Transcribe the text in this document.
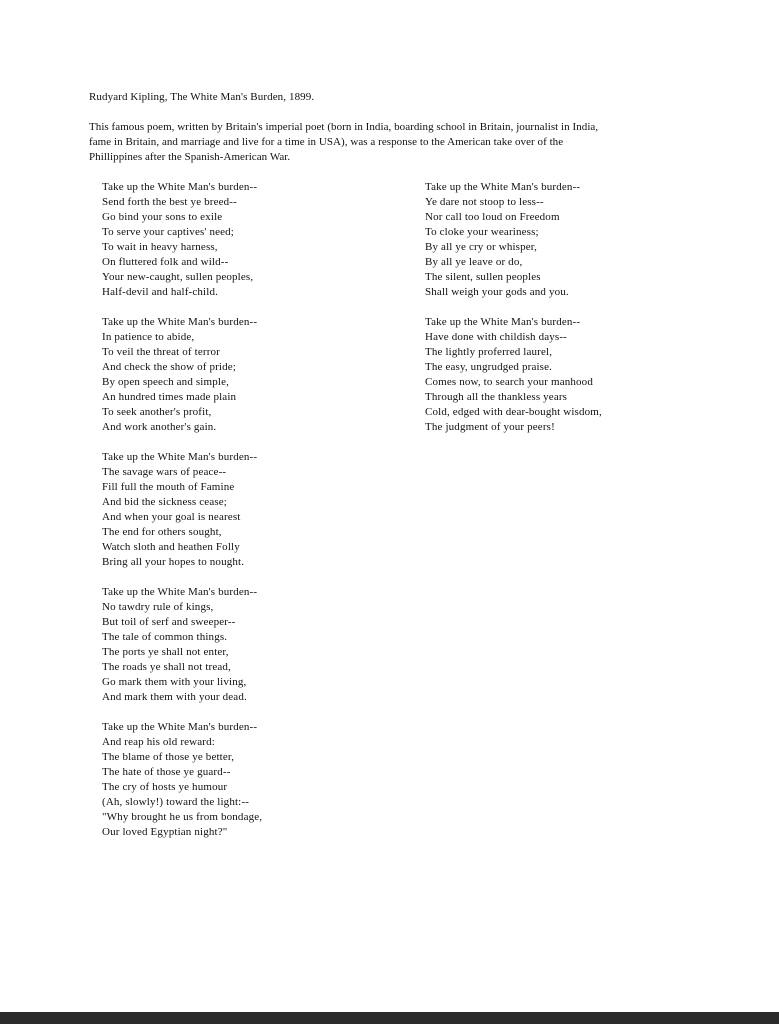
Rudyard Kipling, The White Man's Burden, 1899.
This famous poem, written by Britain's imperial poet (born in India, boarding school in Britain, journalist in India,
fame in Britain, and marriage and live for a time in USA), was a response to the American take over of the
Phillippines after the Spanish-American War.
Take up the White Man's burden--
Send forth the best ye breed--
Go bind your sons to exile
To serve your captives' need;
To wait in heavy harness,
On fluttered folk and wild--
Your new-caught, sullen peoples,
Half-devil and half-child.
Take up the White Man's burden--
In patience to abide,
To veil the threat of terror
And check the show of pride;
By open speech and simple,
An hundred times made plain
To seek another's profit,
And work another's gain.
Take up the White Man's burden--
The savage wars of peace--
Fill full the mouth of Famine
And bid the sickness cease;
And when your goal is nearest
The end for others sought,
Watch sloth and heathen Folly
Bring all your hopes to nought.
Take up the White Man's burden--
No tawdry rule of kings,
But toil of serf and sweeper--
The tale of common things.
The ports ye shall not enter,
The roads ye shall not tread,
Go mark them with your living,
And mark them with your dead.
Take up the White Man's burden--
And reap his old reward:
The blame of those ye better,
The hate of those ye guard--
The cry of hosts ye humour
(Ah, slowly!) toward the light:--
"Why brought he us from bondage,
Our loved Egyptian night?"
Take up the White Man's burden--
Ye dare not stoop to less--
Nor call too loud on Freedom
To cloke your weariness;
By all ye cry or whisper,
By all ye leave or do,
The silent, sullen peoples
Shall weigh your gods and you.
Take up the White Man's burden--
Have done with childish days--
The lightly proferred laurel,
The easy, ungrudged praise.
Comes now, to search your manhood
Through all the thankless years
Cold, edged with dear-bought wisdom,
The judgment of your peers!
